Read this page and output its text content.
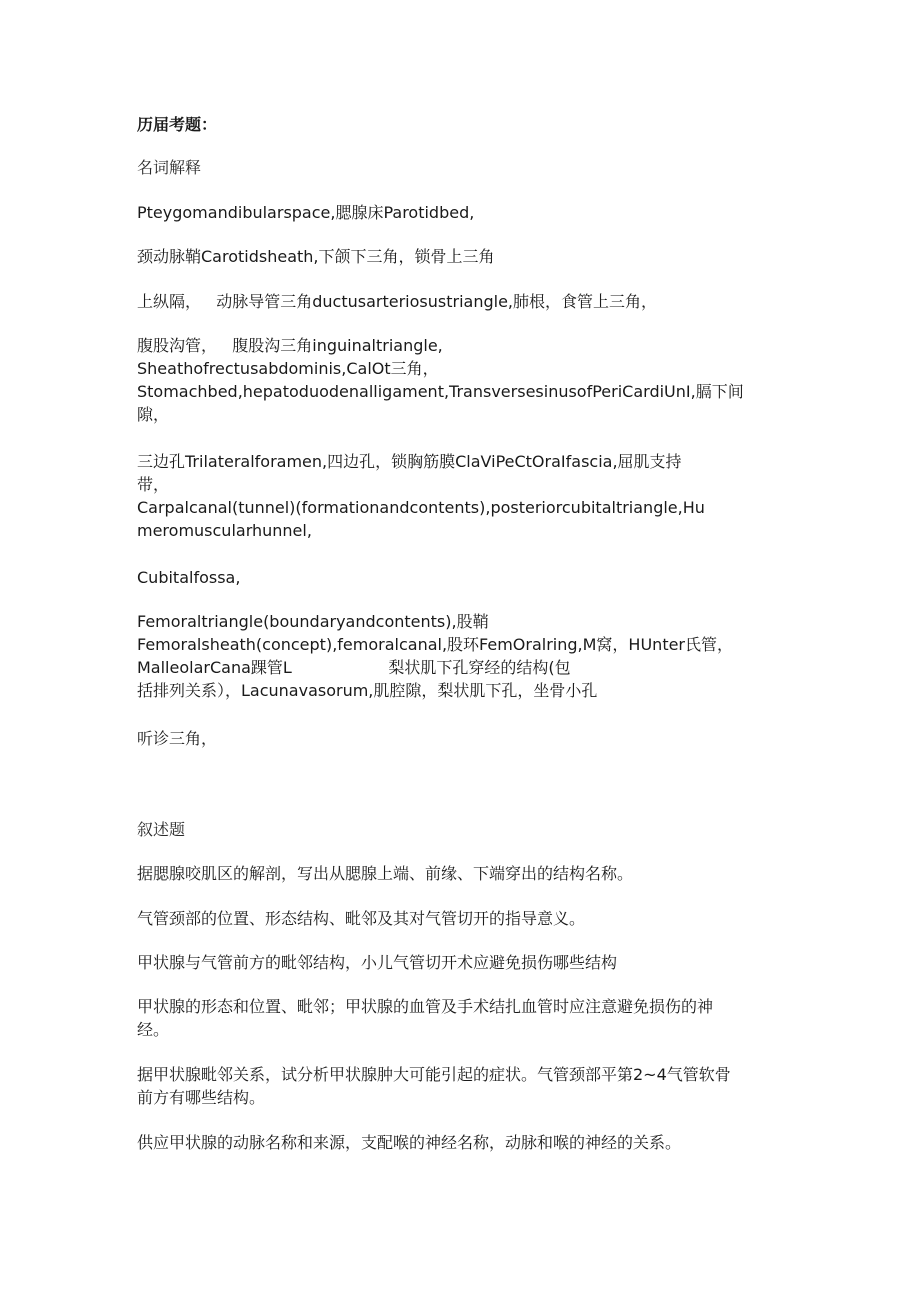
历届考题：
名词解释
Pteygomandibularspace,腮腺床Parotidbed,
颈动脉鞘Carotidsheath,下颌下三角，锁骨上三角
上纵隔，   动脉导管三角ductusarteriosustriangle,肺根，食管上三角，
腹股沟管，   腹股沟三角inguinaltriangle,
Sheathofrectusabdominis,CalOt三角，
Stomachbed,hepatoduodenalligament,TransversesinusofPeriCardiUnI,膈下间
隙，
三边孔Trilateralforamen,四边孔，锁胸筋膜ClaViPeCtOraIfascia,屈肌支持
带，
Carpalcanal(tunnel)(formationandcontents),posteriorcubitaltriangle,Hu
meromuscularhunnel,
Cubitalfossa,
Femoraltriangle(boundaryandcontents),股鞘
Femoralsheath(concept),femoralcanal,股环FemOralring,M窝，HUnter氏管，
MalleolarCana踝管L                   梨状肌下孔穿经的结构(包
括排列关系），Lacunavasorum,肌腔隙，梨状肌下孔，坐骨小孔
听诊三角，
叙述题
据腮腺咬肌区的解剖，写出从腮腺上端、前缘、下端穿出的结构名称。
气管颈部的位置、形态结构、毗邻及其对气管切开的指导意义。
甲状腺与气管前方的毗邻结构，小儿气管切开术应避免损伤哪些结构
甲状腺的形态和位置、毗邻；甲状腺的血管及手术结扎血管时应注意避免损伤的神
经。
据甲状腺毗邻关系，试分析甲状腺肿大可能引起的症状。气管颈部平第2~4气管软骨
前方有哪些结构。
供应甲状腺的动脉名称和来源，支配喉的神经名称，动脉和喉的神经的关系。
